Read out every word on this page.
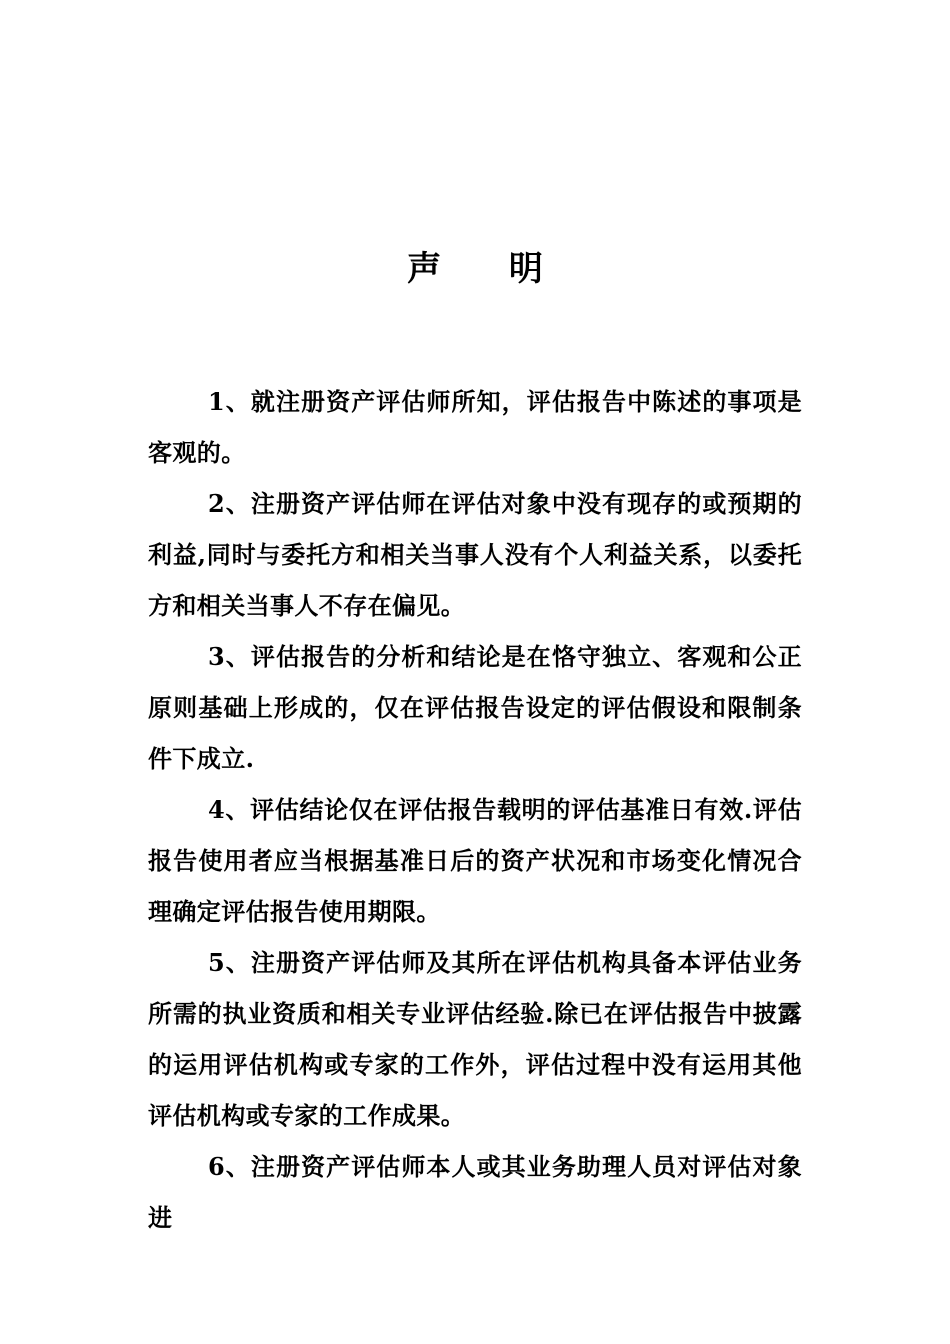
声 明

1、就注册资产评估师所知，评估报告中陈述的事项是客观的。

2、注册资产评估师在评估对象中没有现存的或预期的利益,同时与委托方和相关当事人没有个人利益关系，以委托方和相关当事人不存在偏见。

3、评估报告的分析和结论是在恪守独立、客观和公正原则基础上形成的，仅在评估报告设定的评估假设和限制条件下成立.

4、评估结论仅在评估报告载明的评估基准日有效.评估报告使用者应当根据基准日后的资产状况和市场变化情况合理确定评估报告使用期限。

5、注册资产评估师及其所在评估机构具备本评估业务所需的执业资质和相关专业评估经验.除已在评估报告中披露的运用评估机构或专家的工作外，评估过程中没有运用其他评估机构或专家的工作成果。

6、注册资产评估师本人或其业务助理人员对评估对象进
